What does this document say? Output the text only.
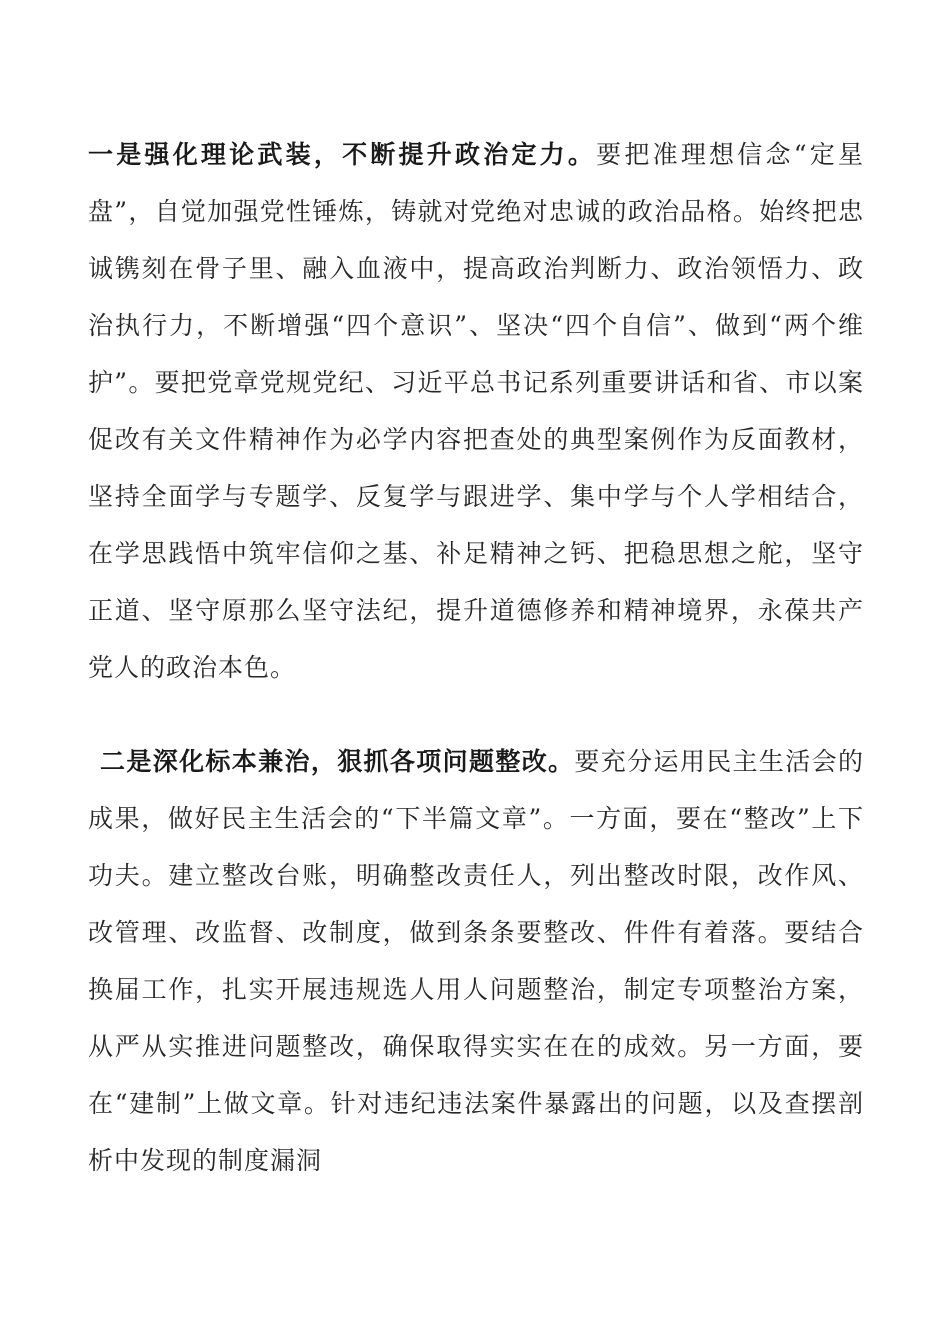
一是强化理论武装，不断提升政治定力。要把准理想信念“定星盘”，自觉加强党性锤炼，铸就对党绝对忠诚的政治品格。始终把忠诚镌刻在骨子里、融入血液中，提高政治判断力、政治领悟力、政治执行力，不断增强“四个意识”、坚决“四个自信”、做到“两个维护”。要把党章党规党纪、习近平总书记系列重要讲话和省、市以案促改有关文件精神作为必学内容把查处的典型案例作为反面教材，坚持全面学与专题学、反复学与跟进学、集中学与个人学相结合，在学思践悟中筑牢信仰之基、补足精神之钙、把稳思想之舵，坚守正道、坚守原那么坚守法纪，提升道德修养和精神境界，永葆共产党人的政治本色。

二是深化标本兼治，狠抓各项问题整改。要充分运用民主生活会的成果，做好民主生活会的“下半篇文章”。一方面，要在“整改”上下功夫。建立整改台账，明确整改责任人，列出整改时限，改作风、改管理、改监督、改制度，做到条条要整改、件件有着落。要结合换届工作，扎实开展违规选人用人问题整治，制定专项整治方案，从严从实推进问题整改，确保取得实实在在的成效。另一方面，要在“建制”上做文章。针对违纪违法案件暴露出的问题，以及查摆剖析中发现的制度漏洞
